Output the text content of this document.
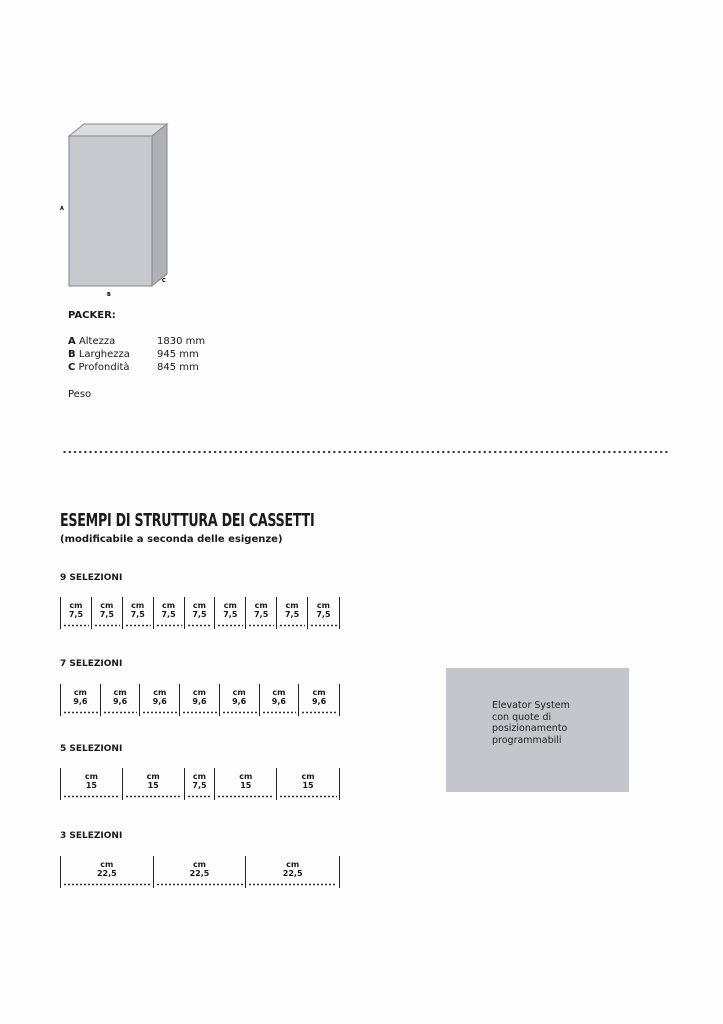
A
B
C
PACKER:
A Altezza	1830 mm
B Larghezza	945 mm
C Profondità	845 mm
Peso
ESEMPI DI STRUTTURA DEI CASSETTI
(modificabile a seconda delle esigenze)
9 SELEZIONI
cm
7,5
cm
7,5
cm
7,5
cm
7,5
cm
7,5
cm
7,5
cm
7,5
cm
7,5
cm
7,5
7 SELEZIONI
cm
9,6
cm
9,6
cm
9,6
cm
9,6
cm
9,6
cm
9,6
cm
9,6
5 SELEZIONI
cm
15
cm
15
cm
7,5
cm
15
cm
15
3 SELEZIONI
cm
22,5
cm
22,5
cm
22,5
Elevator System
con quote di
posizionamento
programmabili
